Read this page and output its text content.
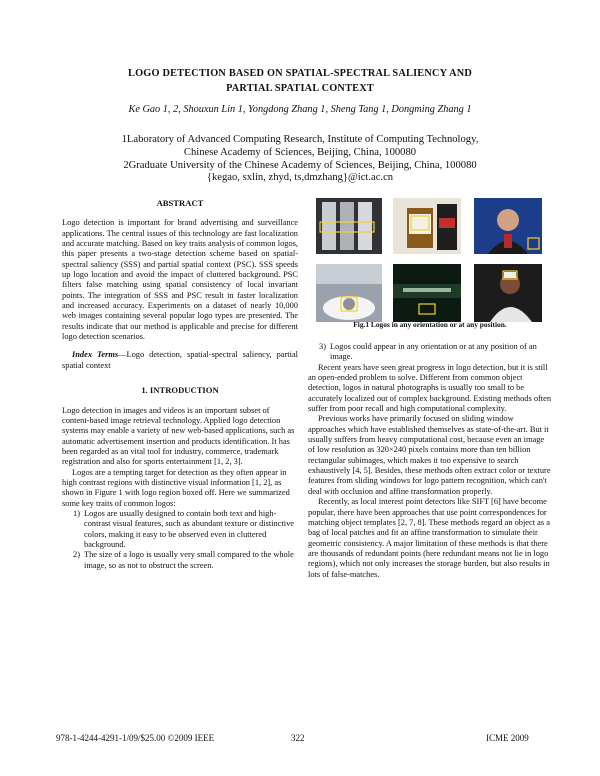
LOGO DETECTION BASED ON SPATIAL-SPECTRAL SALIENCY AND
PARTIAL SPATIAL CONTEXT
Ke Gao 1, 2, Shouxun Lin 1, Yongdong Zhang 1, Sheng Tang 1, Dongming Zhang 1
1Laboratory of Advanced Computing Research, Institute of Computing Technology,
Chinese Academy of Sciences, Beijing, China, 100080
2Graduate University of the Chinese Academy of Sciences, Beijing, China, 100080
{kegao, sxlin, zhyd, ts,dmzhang}@ict.ac.cn
ABSTRACT

Logo detection is important for brand advertising and surveillance applications. The central issues of this technology are fast localization and accurate matching. Based on key traits analysis of common logos, this paper presents a two-stage detection scheme based on spatial-spectral saliency (SSS) and partial spatial context (PSC). SSS speeds up logo location and avoid the impact of cluttered background. PSC filters false matching using spatial consistency of local invariant points. The integration of SSS and PSC result in faster localization and increased accuracy. Experiments on a dataset of nearly 10,000 web images containing several popular logo types are presented. The results indicate that our method is applicable and precise for different logo detection scenarios.

Index Terms—Logo detection, spatial-spectral saliency, partial spatial context

1. INTRODUCTION

Logo detection in images and videos is an important subset of content-based image retrieval technology. Applied logo detection systems may enable a variety of new web-based applications, such as automatic advertisement insertion and products identification. It has been regarded as an vital tool for industry, commerce, trademark registration and also for sports entertainment [1, 2, 3].

Logos are a tempting target for detection as they often appear in high contrast regions with distinctive visual information [1, 2], as shown in Figure 1 with logo region boxed off. Here we summarized some key traits of common logos:

1) Logos are usually designed to contain both text and high-contrast visual features, such as abundant texture or distinctive colors, making it easy to be observed even in cluttered background.
2) The size of a logo is usually very small compared to the whole image, so as not to obstruct the screen.
Fig.1 Logos in any orientation or at any position.
3) Logos could appear in any orientation or at any position of an image.

Recent years have seen great progress in logo detection, but it is still an open-ended problem to solve. Different from common object detection, logos in natural photographs is usually too small to be accurately localized out of complex background. Existing methods often suffer from poor recall and high computational complexity.

Previous works have primarily focused on sliding window approaches which have established themselves as state-of-the-art. But it usually suffers from heavy computational cost, because even an image of low resolution as 320×240 pixels contains more than ten billion rectangular subimages, which makes it too expensive to search exhaustively [4, 5]. Besides, these methods often extract color or texture features from sliding windows for logo pattern recognition, which can't deal with occlusion and affine transformation properly.

Recently, as local interest point detectors like SIFT [6] have become popular, there have been approaches that use point correspondences for matching object templates [2, 7, 8]. These methods regard an object as a bag of local patches and fit an affine transformation to simulate their geometric consistency. A major limitation of these methods is that there are thousands of redundant points (here redundant means not lie in logo regions), which not only increases the storage burden, but also results in lots of false-matches.

978-1-4244-4291-1/09/$25.00 ©2009 IEEE	322	ICME 2009
